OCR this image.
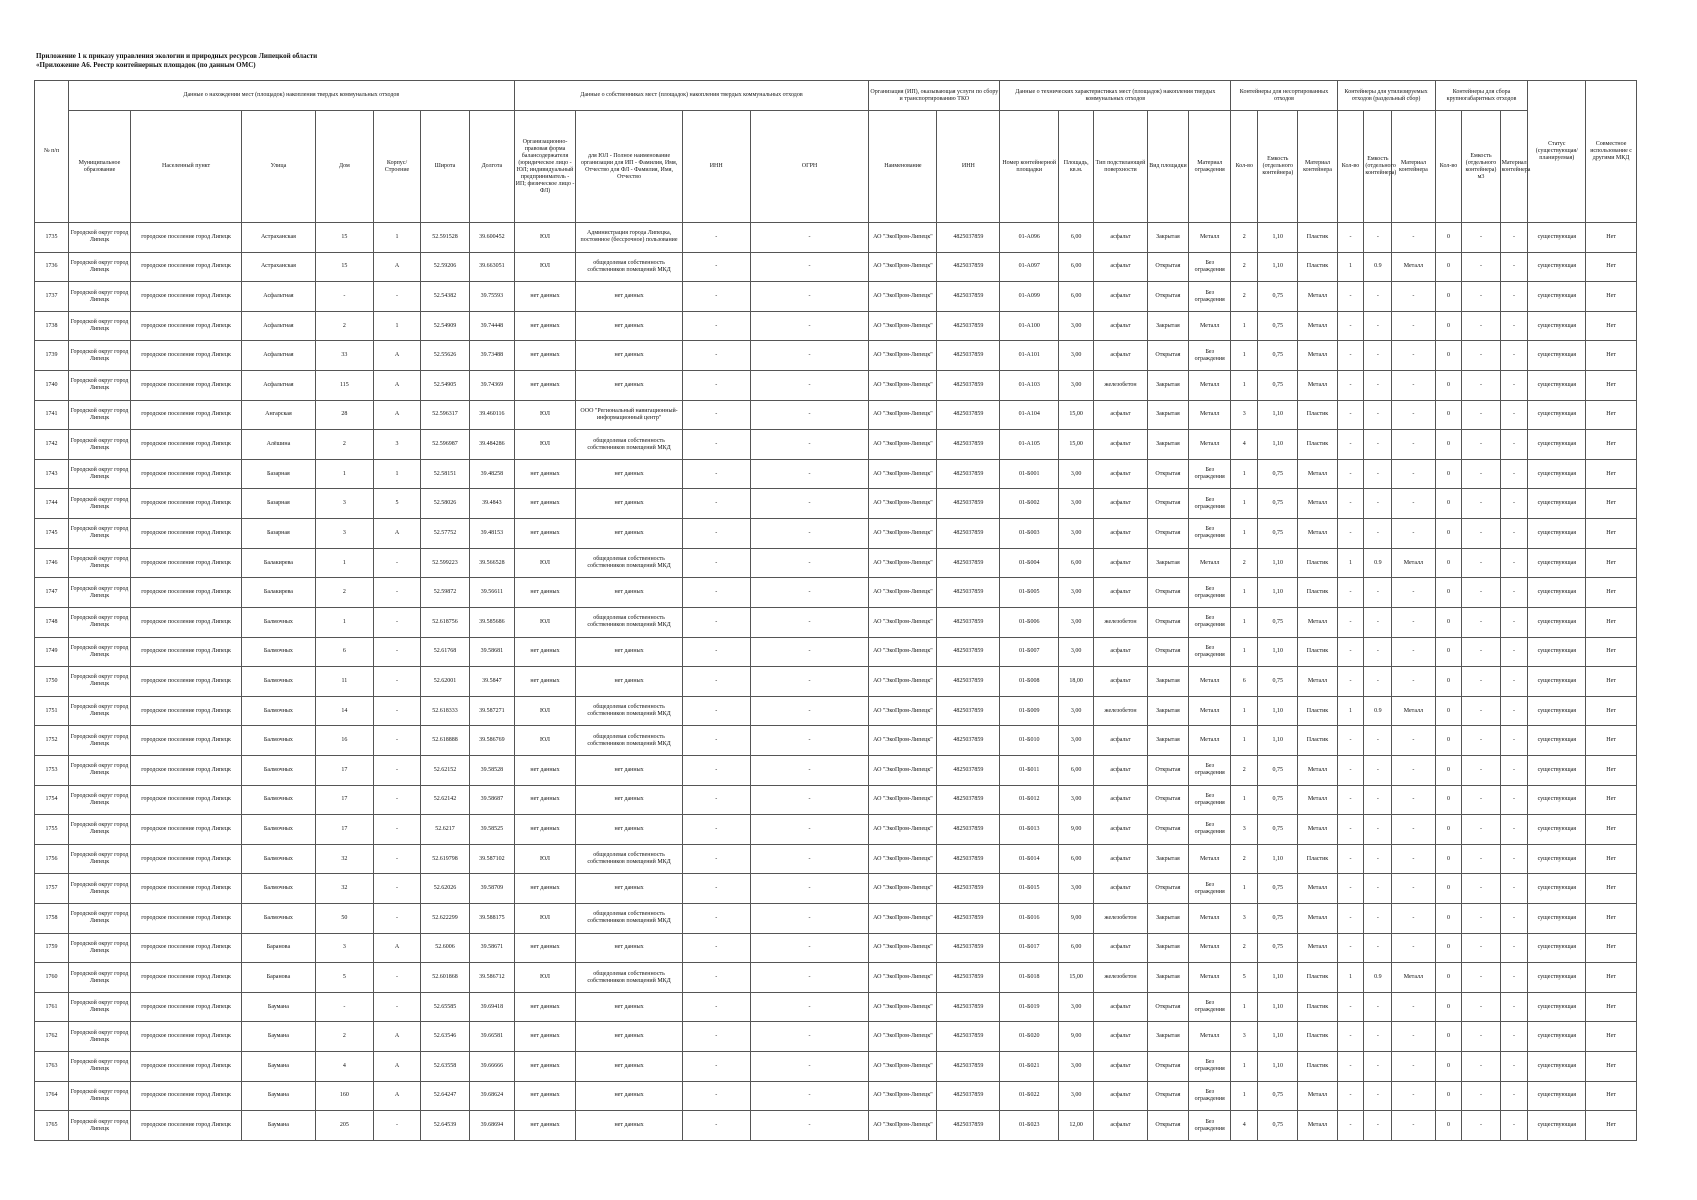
Приложение 1 к приказу управления экологии и природных ресурсов Липецкой области
«Приложение А6. Реестр контейнерных площадок (по данным ОМС)
№ п/п	Данные о нахождении мест (площадок) накопления твердых коммунальных отходов							Данные о собственниках мест (площадок) накопления твердых коммунальных отходов				Организация (ИП), оказывающая услуги по сбору и транспортированию ТКО		Данные о технических характеристиках мест (площадок) накопления твердых коммунальных отходов					Контейнеры для несортированных отходов			Контейнеры для утилизируемых отходов (раздельный сбор)			Контейнеры для сбора крупногабаритных отходов			Статус (существующая/ планируемая)	Совместное использование с другими МКД
	Муниципальное образование	Населенный пункт	Улица	Дом	Корпус/Строение	Широта	Долгота	Организационно-правовая форма балансодержателя (юридическое лицо - ЮЛ; индивидуальный предприниматель - ИП; физическое лицо - ФЛ)	для ЮЛ - Полное наименование организации для ИП - Фамилия, Имя, Отчество для ФЛ - Фамилия, Имя, Отчество	ИНН	ОГРН	Наименование	ИНН	Номер контейнерной площадки	Площадь, кв.м.	Тип подстилающей поверхности	Вид площадки	Материал ограждения	Кол-во	Емкость (отдельного контейнера)	Материал контейнера	Кол-во	Емкость (отдельного контейнера)	Материал контейнера	Кол-во	Емкость (отдельного контейнера) м3	Материал контейнера		

1735	Городской округ город Липецк	городское поселение город Липецк	Астраханская	15	1	52.591528	39.600452	ЮЛ	Администрация города Липецка, постоянное (бессрочное) пользование	-	-	АО "ЭкоПром-Липецк"	4825037859	01-А096	6,00	асфальт	Закрытая	Металл	2	1,10	Пластик	-	-	-	0	-	-	существующая	Нет

1736	Городской округ город Липецк	городское поселение город Липецк	Астраханская	15	А	52.59206	39.663051	ЮЛ	общедолевая собственность собственников помещений МКД	-	-	АО "ЭкоПром-Липецк"	4825037859	01-А097	6,00	асфальт	Открытая	Без ограждения	2	1,10	Пластик	1	0.9	Металл	0	-	-	существующая	Нет

1737	Городской округ город Липецк	городское поселение город Липецк	Асфальтная	-	-	52.54382	39.75593	нет данных	нет данных	-	-	АО "ЭкоПром-Липецк"	4825037859	01-А099	6,00	асфальт	Открытая	Без ограждения	2	0,75	Металл	-	-	-	0	-	-	существующая	Нет

1738	Городской округ город Липецк	городское поселение город Липецк	Асфальтная	2	1	52.54909	39.74448	нет данных	нет данных	-	-	АО "ЭкоПром-Липецк"	4825037859	01-А100	3,00	асфальт	Закрытая	Металл	1	0,75	Металл	-	-	-	0	-	-	существующая	Нет

1739	Городской округ город Липецк	городское поселение город Липецк	Асфальтная	33	А	52.55626	39.73488	нет данных	нет данных	-	-	АО "ЭкоПром-Липецк"	4825037859	01-А101	3,00	асфальт	Открытая	Без ограждения	1	0,75	Металл	-	-	-	0	-	-	существующая	Нет

1740	Городской округ город Липецк	городское поселение город Липецк	Асфальтная	115	А	52.54905	39.74369	нет данных	нет данных	-	-	АО "ЭкоПром-Липецк"	4825037859	01-А103	3,00	железобетон	Закрытая	Металл	1	0,75	Металл	-	-	-	0	-	-	существующая	Нет

1741	Городской округ город Липецк	городское поселение город Липецк	Ангарская	28	А	52.596317	39.460116	ЮЛ	ООО "Региональный навигационный-информационный центр"	-	-	АО "ЭкоПром-Липецк"	4825037859	01-А104	15,00	асфальт	Закрытая	Металл	3	1,10	Пластик	-	-	-	0	-	-	существующая	Нет

1742	Городской округ город Липецк	городское поселение город Липецк	Алёшина	2	3	52.596987	39.484286	ЮЛ	общедолевая собственность собственников помещений МКД	-	-	АО "ЭкоПром-Липецк"	4825037859	01-А105	15,00	асфальт	Закрытая	Металл	4	1,10	Пластик	-	-	-	0	-	-	существующая	Нет

1743	Городской округ город Липецк	городское поселение город Липецк	Базарная	1	1	52.58151	39.48258	нет данных	нет данных	-	-	АО "ЭкоПром-Липецк"	4825037859	01-Б001	3,00	асфальт	Открытая	Без ограждения	1	0,75	Металл	-	-	-	0	-	-	существующая	Нет

1744	Городской округ город Липецк	городское поселение город Липецк	Базарная	3	5	52.58026	39.4843	нет данных	нет данных	-	-	АО "ЭкоПром-Липецк"	4825037859	01-Б002	3,00	асфальт	Открытая	Без ограждения	1	0,75	Металл	-	-	-	0	-	-	существующая	Нет

1745	Городской округ город Липецк	городское поселение город Липецк	Базарная	3	А	52.57752	39.48153	нет данных	нет данных	-	-	АО "ЭкоПром-Липецк"	4825037859	01-Б003	3,00	асфальт	Открытая	Без ограждения	1	0,75	Металл	-	-	-	0	-	-	существующая	Нет

1746	Городской округ город Липецк	городское поселение город Липецк	Балакирева	1	-	52.599223	39.566528	ЮЛ	общедолевая собственность собственников помещений МКД	-	-	АО "ЭкоПром-Липецк"	4825037859	01-Б004	6,00	асфальт	Закрытая	Металл	2	1,10	Пластик	1	0.9	Металл	0	-	-	существующая	Нет

1747	Городской округ город Липецк	городское поселение город Липецк	Балакирева	2	-	52.59872	39.56611	нет данных	нет данных	-	-	АО "ЭкоПром-Липецк"	4825037859	01-Б005	3,00	асфальт	Открытая	Без ограждения	1	1,10	Пластик	-	-	-	0	-	-	существующая	Нет

1748	Городской округ город Липецк	городское поселение город Липецк	Балмочных	1	-	52.618756	39.585686	ЮЛ	общедолевая собственность собственников помещений МКД	-	-	АО "ЭкоПром-Липецк"	4825037859	01-Б006	3,00	железобетон	Открытая	Без ограждения	1	0,75	Металл	-	-	-	0	-	-	существующая	Нет

1749	Городской округ город Липецк	городское поселение город Липецк	Балмочных	6	-	52.61768	39.58681	нет данных	нет данных	-	-	АО "ЭкоПром-Липецк"	4825037859	01-Б007	3,00	асфальт	Открытая	Без ограждения	1	1,10	Пластик	-	-	-	0	-	-	существующая	Нет

1750	Городской округ город Липецк	городское поселение город Липецк	Балмочных	11	-	52.62001	39.5847	нет данных	нет данных	-	-	АО "ЭкоПром-Липецк"	4825037859	01-Б008	18,00	асфальт	Закрытая	Металл	6	0,75	Металл	-	-	-	0	-	-	существующая	Нет

1751	Городской округ город Липецк	городское поселение город Липецк	Балмочных	14	-	52.618333	39.587271	ЮЛ	общедолевая собственность собственников помещений МКД	-	-	АО "ЭкоПром-Липецк"	4825037859	01-Б009	3,00	железобетон	Закрытая	Металл	1	1,10	Пластик	1	0.9	Металл	0	-	-	существующая	Нет

1752	Городской округ город Липецк	городское поселение город Липецк	Балмочных	16	-	52.618888	39.586769	ЮЛ	общедолевая собственность собственников помещений МКД	-	-	АО "ЭкоПром-Липецк"	4825037859	01-Б010	3,00	асфальт	Закрытая	Металл	1	1,10	Пластик	-	-	-	0	-	-	существующая	Нет

1753	Городской округ город Липецк	городское поселение город Липецк	Балмочных	17	-	52.62152	39.58528	нет данных	нет данных	-	-	АО "ЭкоПром-Липецк"	4825037859	01-Б011	6,00	асфальт	Открытая	Без ограждения	2	0,75	Металл	-	-	-	0	-	-	существующая	Нет

1754	Городской округ город Липецк	городское поселение город Липецк	Балмочных	17	-	52.62142	39.58687	нет данных	нет данных	-	-	АО "ЭкоПром-Липецк"	4825037859	01-Б012	3,00	асфальт	Открытая	Без ограждения	1	0,75	Металл	-	-	-	0	-	-	существующая	Нет

1755	Городской округ город Липецк	городское поселение город Липецк	Балмочных	17	-	52.6217	39.58525	нет данных	нет данных	-	-	АО "ЭкоПром-Липецк"	4825037859	01-Б013	9,00	асфальт	Открытая	Без ограждения	3	0,75	Металл	-	-	-	0	-	-	существующая	Нет

1756	Городской округ город Липецк	городское поселение город Липецк	Балмочных	32	-	52.619798	39.587102	ЮЛ	общедолевая собственность собственников помещений МКД	-	-	АО "ЭкоПром-Липецк"	4825037859	01-Б014	6,00	асфальт	Закрытая	Металл	2	1,10	Пластик	-	-	-	0	-	-	существующая	Нет

1757	Городской округ город Липецк	городское поселение город Липецк	Балмочных	32	-	52.62026	39.58709	нет данных	нет данных	-	-	АО "ЭкоПром-Липецк"	4825037859	01-Б015	3,00	асфальт	Открытая	Без ограждения	1	0,75	Металл	-	-	-	0	-	-	существующая	Нет

1758	Городской округ город Липецк	городское поселение город Липецк	Балмочных	50	-	52.622299	39.588175	ЮЛ	общедолевая собственность собственников помещений МКД	-	-	АО "ЭкоПром-Липецк"	4825037859	01-Б016	9,00	железобетон	Закрытая	Металл	3	0,75	Металл	-	-	-	0	-	-	существующая	Нет

1759	Городской округ город Липецк	городское поселение город Липецк	Баранова	3	А	52.6006	39.58671	нет данных	нет данных	-	-	АО "ЭкоПром-Липецк"	4825037859	01-Б017	6,00	асфальт	Закрытая	Металл	2	0,75	Металл	-	-	-	0	-	-	существующая	Нет

1760	Городской округ город Липецк	городское поселение город Липецк	Баранова	5	-	52.601868	39.586712	ЮЛ	общедолевая собственность собственников помещений МКД	-	-	АО "ЭкоПром-Липецк"	4825037859	01-Б018	15,00	железобетон	Закрытая	Металл	5	1,10	Пластик	1	0.9	Металл	0	-	-	существующая	Нет

1761	Городской округ город Липецк	городское поселение город Липецк	Баумана	-	-	52.65585	39.69418	нет данных	нет данных	-	-	АО "ЭкоПром-Липецк"	4825037859	01-Б019	3,00	асфальт	Открытая	Без ограждения	1	1,10	Пластик	-	-	-	0	-	-	существующая	Нет

1762	Городской округ город Липецк	городское поселение город Липецк	Баумана	2	А	52.63546	39.66581	нет данных	нет данных	-	-	АО "ЭкоПром-Липецк"	4825037859	01-Б020	9,00	асфальт	Закрытая	Металл	3	1,10	Пластик	-	-	-	0	-	-	существующая	Нет

1763	Городской округ город Липецк	городское поселение город Липецк	Баумана	4	А	52.63558	39.66666	нет данных	нет данных	-	-	АО "ЭкоПром-Липецк"	4825037859	01-Б021	3,00	асфальт	Открытая	Без ограждения	1	1,10	Пластик	-	-	-	0	-	-	существующая	Нет

1764	Городской округ город Липецк	городское поселение город Липецк	Баумана	160	А	52.64247	39.68624	нет данных	нет данных	-	-	АО "ЭкоПром-Липецк"	4825037859	01-Б022	3,00	асфальт	Открытая	Без ограждения	1	0,75	Металл	-	-	-	0	-	-	существующая	Нет

1765	Городской округ город Липецк	городское поселение город Липецк	Баумана	205	-	52.64539	39.68694	нет данных	нет данных	-	-	АО "ЭкоПром-Липецк"	4825037859	01-Б023	12,00	асфальт	Открытая	Без ограждения	4	0,75	Металл	-	-	-	0	-	-	существующая	Нет
